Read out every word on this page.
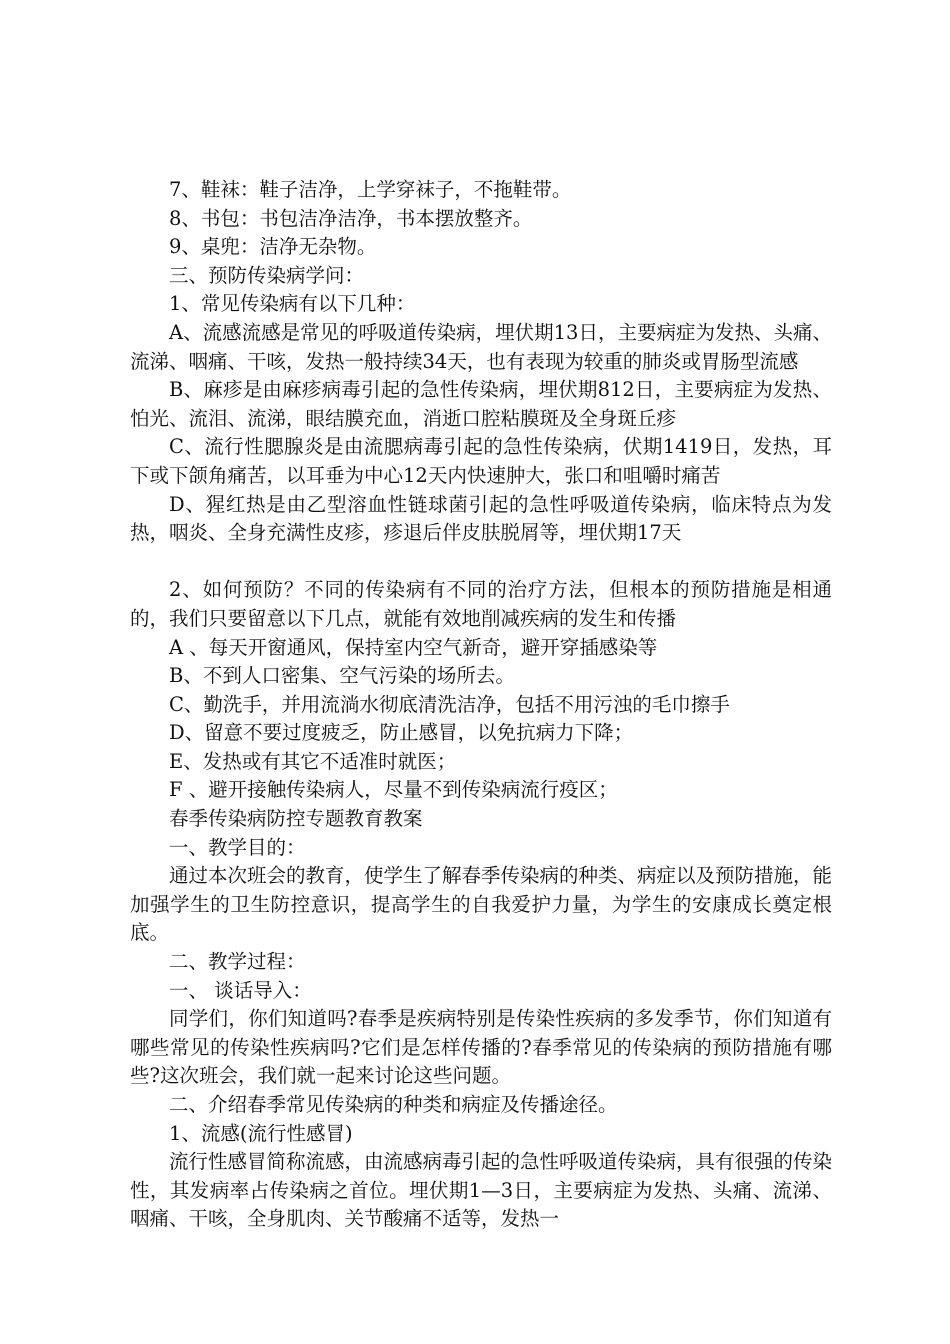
7、鞋袜：鞋子洁净，上学穿袜子，不拖鞋带。

8、书包：书包洁净洁净，书本摆放整齐。

9、桌兜：洁净无杂物。

三、预防传染病学问：

1、常见传染病有以下几种：

A、流感流感是常见的呼吸道传染病，埋伏期13日，主要病症为发热、头痛、流涕、咽痛、干咳，发热一般持续34天，也有表现为较重的肺炎或胃肠型流感

B、麻疹是由麻疹病毒引起的急性传染病，埋伏期812日，主要病症为发热、怕光、流泪、流涕，眼结膜充血，消逝口腔粘膜斑及全身斑丘疹

C、流行性腮腺炎是由流腮病毒引起的急性传染病，伏期1419日，发热，耳下或下颌角痛苦，以耳垂为中心12天内快速肿大，张口和咀嚼时痛苦

D、猩红热是由乙型溶血性链球菌引起的急性呼吸道传染病，临床特点为发热，咽炎、全身充满性皮疹，疹退后伴皮肤脱屑等，埋伏期17天

2、如何预防？不同的传染病有不同的治疗方法，但根本的预防措施是相通的，我们只要留意以下几点，就能有效地削减疾病的发生和传播

A 、每天开窗通风，保持室内空气新奇，避开穿插感染等

B、不到人口密集、空气污染的场所去。

C、勤洗手，并用流淌水彻底清洗洁净，包括不用污浊的毛巾擦手

D、留意不要过度疲乏，防止感冒，以免抗病力下降；

E、发热或有其它不适准时就医；

F 、避开接触传染病人，尽量不到传染病流行疫区；

春季传染病防控专题教育教案

一、教学目的：

通过本次班会的教育，使学生了解春季传染病的种类、病症以及预防措施，能加强学生的卫生防控意识，提高学生的自我爱护力量，为学生的安康成长奠定根底。

二、教学过程：

一、 谈话导入：

同学们，你们知道吗?春季是疾病特别是传染性疾病的多发季节，你们知道有哪些常见的传染性疾病吗?它们是怎样传播的?春季常见的传染病的预防措施有哪些?这次班会，我们就一起来讨论这些问题。

二、介绍春季常见传染病的种类和病症及传播途径。

1、流感(流行性感冒)

流行性感冒简称流感，由流感病毒引起的急性呼吸道传染病，具有很强的传染性，其发病率占传染病之首位。埋伏期1—3日，主要病症为发热、头痛、流涕、咽痛、干咳，全身肌肉、关节酸痛不适等，发热一
